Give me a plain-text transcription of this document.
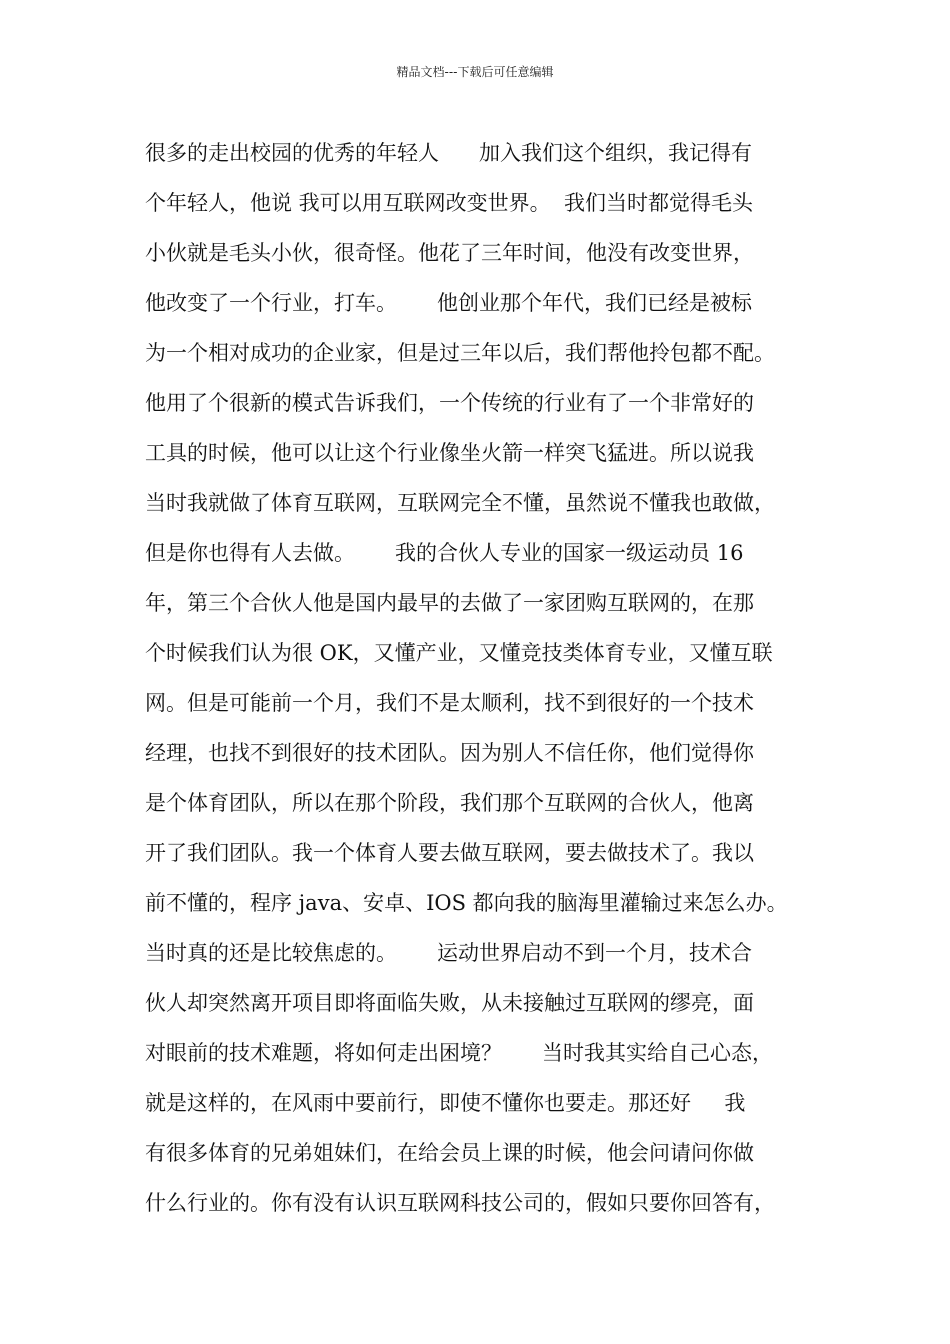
精品文档---下载后可任意编辑
很多的走出校园的优秀的年轻人      加入我们这个组织，我记得有
个年轻人，他说 我可以用互联网改变世界。  我们当时都觉得毛头
小伙就是毛头小伙，很奇怪。他花了三年时间，他没有改变世界，
他改变了一个行业，打车。      他创业那个年代，我们已经是被标
为一个相对成功的企业家，但是过三年以后，我们帮他拎包都不配。
他用了个很新的模式告诉我们，一个传统的行业有了一个非常好的
工具的时候，他可以让这个行业像坐火箭一样突飞猛进。所以说我
当时我就做了体育互联网，互联网完全不懂，虽然说不懂我也敢做，
但是你也得有人去做。      我的合伙人专业的国家一级运动员 16
年，第三个合伙人他是国内最早的去做了一家团购互联网的，在那
个时候我们认为很 OK，又懂产业，又懂竞技类体育专业，又懂互联
网。但是可能前一个月，我们不是太顺利，找不到很好的一个技术
经理，也找不到很好的技术团队。因为别人不信任你，他们觉得你
是个体育团队，所以在那个阶段，我们那个互联网的合伙人，他离
开了我们团队。我一个体育人要去做互联网，要去做技术了。我以
前不懂的，程序 java、安卓、IOS 都向我的脑海里灌输过来怎么办。
当时真的还是比较焦虑的。      运动世界启动不到一个月，技术合
伙人却突然离开项目即将面临失败，从未接触过互联网的缪亮，面
对眼前的技术难题，将如何走出困境？      当时我其实给自己心态，
就是这样的，在风雨中要前行，即使不懂你也要走。那还好     我
有很多体育的兄弟姐妹们，在给会员上课的时候，他会问请问你做
什么行业的。你有没有认识互联网科技公司的，假如只要你回答有，
